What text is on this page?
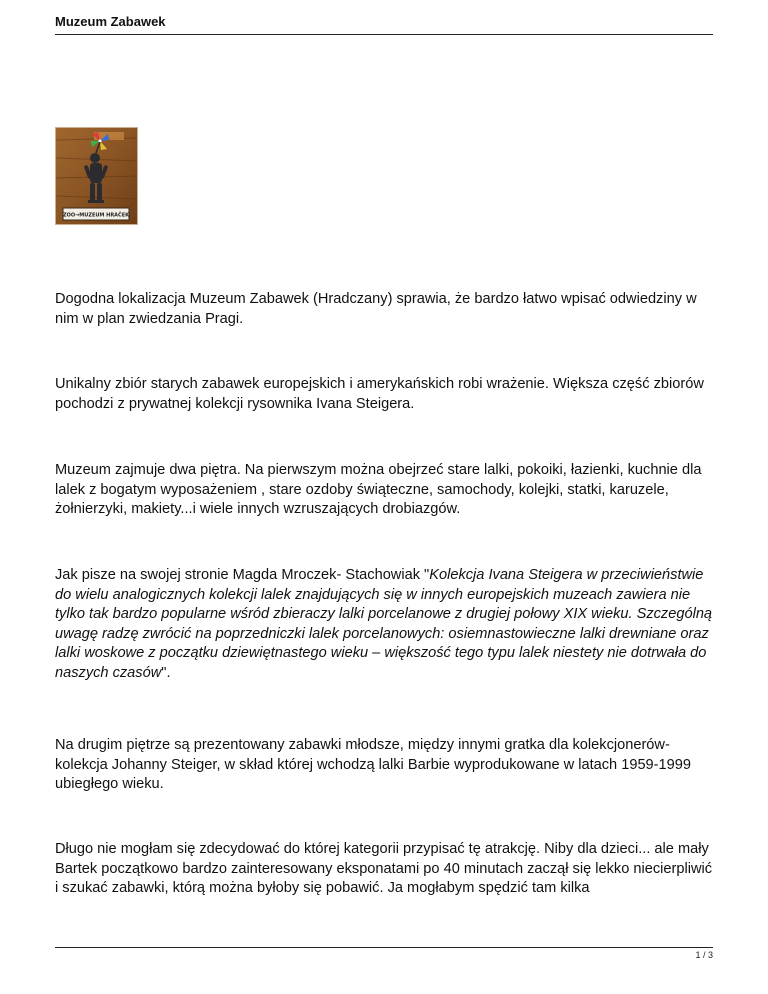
Muzeum Zabawek
ZOO→MUZEUM HRAČEK
Dogodna lokalizacja Muzeum Zabawek (Hradczany) sprawia, że bardzo łatwo wpisać odwiedziny w nim w plan zwiedzania Pragi.
Unikalny zbiór starych zabawek europejskich i amerykańskich robi wrażenie. Większa część zbiorów pochodzi z prywatnej kolekcji rysownika Ivana Steigera.
Muzeum zajmuje dwa piętra. Na pierwszym można obejrzeć stare lalki, pokoiki, łazienki, kuchnie dla lalek z bogatym wyposażeniem , stare ozdoby świąteczne, samochody, kolejki, statki, karuzele, żołnierzyki, makiety...i wiele innych wzruszających drobiazgów.
Jak pisze na swojej stronie Magda Mroczek- Stachowiak "Kolekcja Ivana Steigera w przeciwieństwie do wielu analogicznych kolekcji lalek znajdujących się w innych europejskich muzeach zawiera nie tylko tak bardzo popularne wśród zbieraczy lalki porcelanowe z drugiej połowy XIX wieku. Szczególną uwagę radzę zwrócić na poprzedniczki lalek porcelanowych: osiemnastowieczne lalki drewniane oraz lalki woskowe z początku dziewiętnastego wieku – większość tego typu lalek niestety nie dotrwała do naszych czasów".
Na drugim piętrze są prezentowany zabawki młodsze, między innymi gratka dla kolekcjonerów- kolekcja Johanny Steiger, w skład której wchodzą lalki Barbie wyprodukowane w latach 1959-1999 ubiegłego wieku.
Długo nie mogłam się zdecydować do której kategorii przypisać tę atrakcję. Niby dla dzieci... ale mały Bartek początkowo bardzo zainteresowany eksponatami po 40 minutach zaczął się lekko niecierpliwić i szukać zabawki, którą można byłoby się pobawić. Ja mogłabym spędzić tam kilka
1 / 3
